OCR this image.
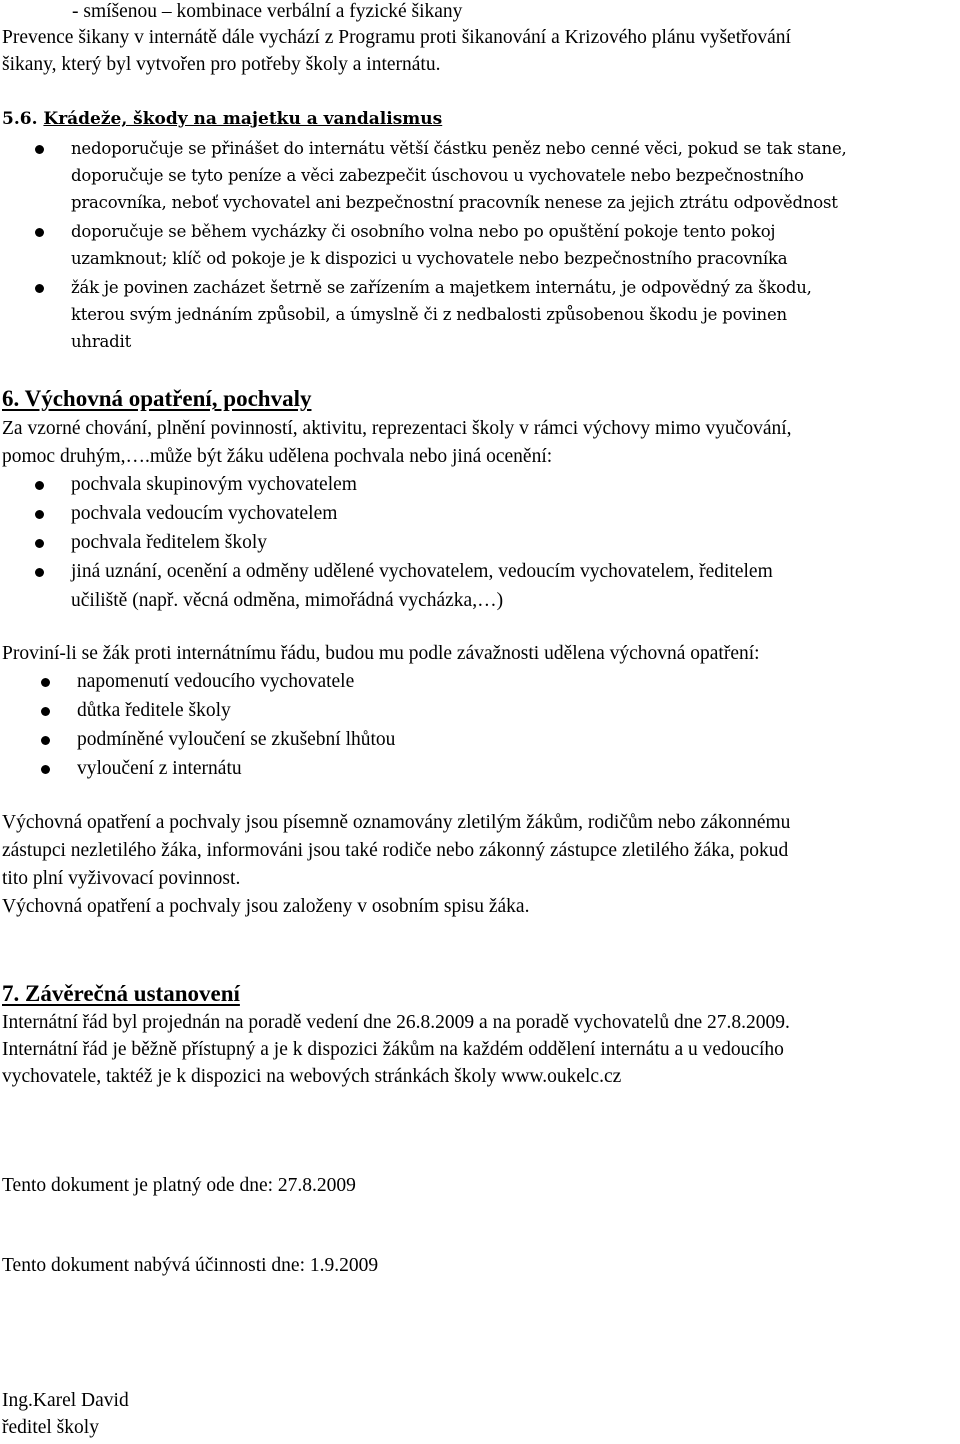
- smíšenou – kombinace verbální a fyzické šikany
Prevence šikany v internátě dále vychází z Programu proti šikanování a Krizového plánu vyšetřování
šikany, který byl vytvořen pro potřeby školy a internátu.
5.6. Krádeže, škody na majetku a vandalismus
nedoporučuje se přinášet do internátu větší částku peněz nebo cenné věci, pokud se tak stane,
doporučuje se tyto peníze a věci zabezpečit úschovou u vychovatele nebo bezpečnostního
pracovníka, neboť vychovatel ani bezpečnostní pracovník nenese za jejich ztrátu odpovědnost
doporučuje se během vycházky či osobního volna nebo po opuštění pokoje tento pokoj
uzamknout; klíč od pokoje je k dispozici u vychovatele nebo bezpečnostního pracovníka
žák je povinen zacházet šetrně se zařízením a majetkem internátu, je odpovědný za škodu,
kterou svým jednáním způsobil, a úmyslně či z nedbalosti způsobenou škodu je povinen
uhradit
6. Výchovná opatření, pochvaly
Za vzorné chování, plnění povinností, aktivitu, reprezentaci školy v rámci výchovy mimo vyučování,
pomoc druhým,….může být žáku udělena pochvala nebo jiná ocenění:
pochvala skupinovým vychovatelem
pochvala vedoucím vychovatelem
pochvala ředitelem školy
jiná uznání, ocenění a odměny udělené vychovatelem, vedoucím vychovatelem, ředitelem
učiliště (např. věcná odměna, mimořádná vycházka,…)
Proviní-li se žák proti internátnímu řádu, budou mu podle závažnosti udělena výchovná opatření:
napomenutí vedoucího vychovatele
důtka ředitele školy
podmíněné vyloučení se zkušební lhůtou
vyloučení z internátu
Výchovná opatření a pochvaly jsou písemně oznamovány zletilým žákům, rodičům nebo zákonnému
zástupci nezletilého žáka, informováni jsou také rodiče nebo zákonný zástupce zletilého žáka, pokud
tito plní vyživovací povinnost.
Výchovná opatření a pochvaly jsou založeny v osobním spisu žáka.
7. Závěrečná ustanovení
Internátní řád byl projednán na poradě vedení dne 26.8.2009 a na poradě vychovatelů dne 27.8.2009.
Internátní řád je běžně přístupný a je k dispozici žákům na každém oddělení internátu a u vedoucího
vychovatele, taktéž je k dispozici na webových stránkách školy www.oukelc.cz
Tento dokument je platný ode dne: 27.8.2009
Tento dokument nabývá účinnosti dne: 1.9.2009
Ing.Karel David
ředitel školy
